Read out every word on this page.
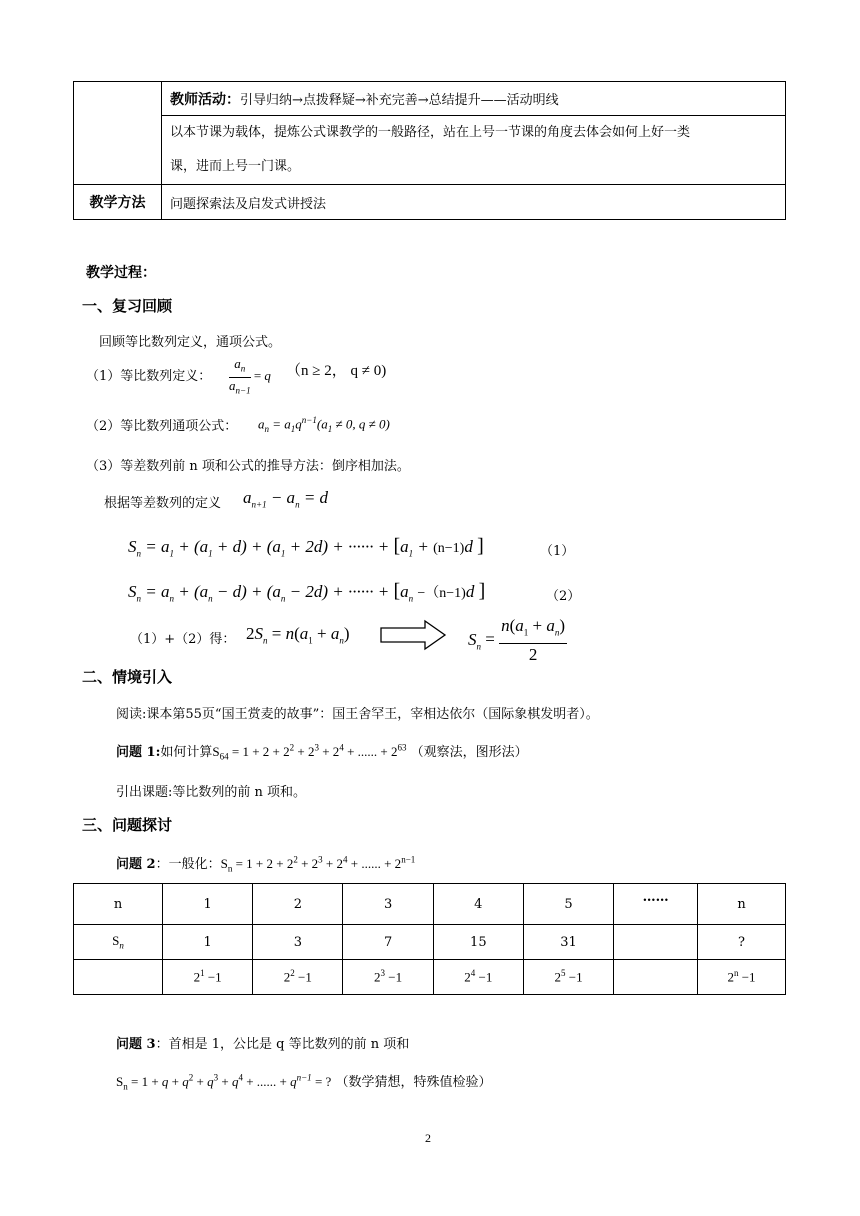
	教师活动：引导归纳→点拨释疑→补充完善→总结提升——活动明线
	以本节课为载体，提炼公式课教学的一般路径，站在上号一节课的角度去体会如何上好一类
课，进而上号一门课。
教学方法	问题探索法及启发式讲授法
教学过程：
一、复习回顾
回顾等比数列定义，通项公式。
（1）等比数列定义： $\frac{a_n}{a_{n-1}} = q$ （n ≥ 2， q ≠ 0)
（2）等比数列通项公式： $a_n = a_1q^{n-1}(a_1 \ne 0$, q ≠ 0)
（3）等差数列前 n 项和公式的推导方法：倒序相加法。
根据等差数列的定义 $a_{n+1} - a_n = d$
$S_n = a_1 + (a_1 + d) + (a_1 + 2d)$ + ······ + [$a_1 + (n-1)d$ ]	（1）
$S_n = a_n + (a_n - d) + (a_n - 2d)$ + ······ + [$a_n -(n-1)d$ ]	（2）
（1）+（2）得： $2S_n = n(a_1 + a_n)$	$S_n = \frac{n(a_1 + a_n)}{2}$
二、情境引入
阅读:课本第55页“国王赏麦的故事”：国王舍罕王，宰相达依尔（国际象棋发明者）。
问题 1:如何计算$S_{64} = 1 + 2 + 2^2 + 2^3 + 2^4$ + ...... + $2^{63}$ （观察法，图形法）
引出课题:等比数列的前 n 项和。
三、问题探讨
问题 2：一般化：$S_n = 1 + 2 + 2^2 + 2^3 + 2^4$ + ...... + $2^{n-1}$
n	1	2	3	4	5	……	n
$S_n$	1	3	7	15	31		?
	$2^1 -1$	$2^2 -1$	$2^3 -1$	$2^4 -1$	$2^5 -1$		$2^n -1$
问题 3：首相是 1，公比是 q 等比数列的前 n 项和
$S_n = 1 + q + q^2 + q^3 + q^4$ + ...... + $q^{n-1}$ = ? （数学猜想，特殊值检验）
2
